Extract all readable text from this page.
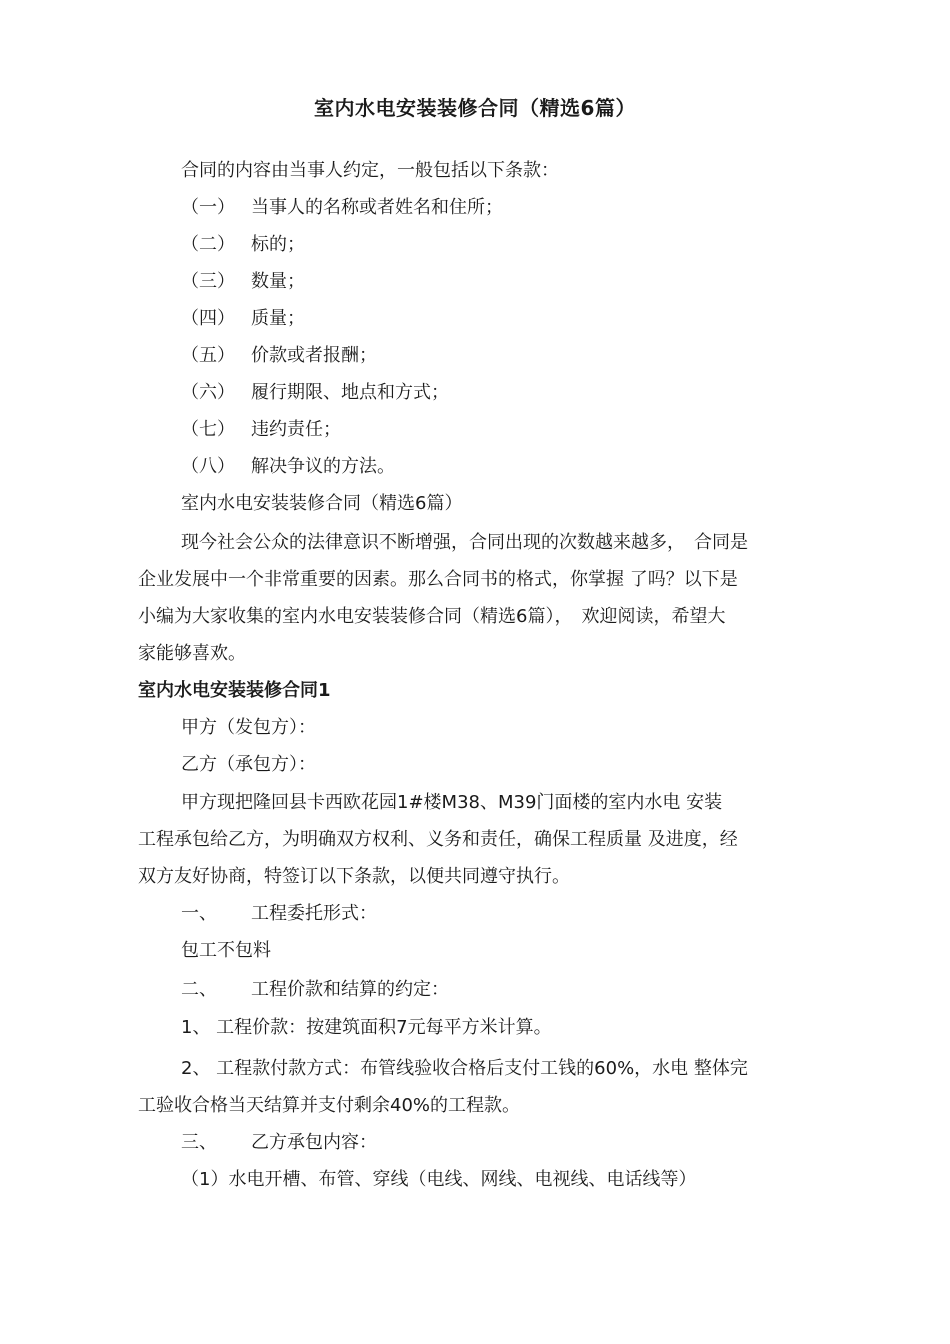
室内水电安装装修合同（精选6篇）
合同的内容由当事人约定，一般包括以下条款：
（一） 当事人的名称或者姓名和住所；
（二） 标的；
（三） 数量；
（四） 质量；
（五） 价款或者报酬；
（六） 履行期限、地点和方式；
（七） 违约责任；
（八） 解决争议的方法。
室内水电安装装修合同（精选6篇）
现今社会公众的法律意识不断增强，合同出现的次数越来越多，　合同是
企业发展中一个非常重要的因素。那么合同书的格式，你掌握 了吗？以下是
小编为大家收集的室内水电安装装修合同（精选6篇），　欢迎阅读，希望大
家能够喜欢。
室内水电安装装修合同1
甲方（发包方）：
乙方（承包方）：
甲方现把隆回县卡西欧花园1#楼M38、M39门面楼的室内水电 安装
工程承包给乙方，为明确双方权利、义务和责任，确保工程质量 及进度，经
双方友好协商，特签订以下条款，以便共同遵守执行。
一、 工程委托形式：
包工不包料
二、 工程价款和结算的约定：
1、 工程价款：按建筑面积7元每平方米计算。
2、 工程款付款方式：布管线验收合格后支付工钱的60%，水电 整体完
工验收合格当天结算并支付剩余40%的工程款。
三、 乙方承包内容：
（1）水电开槽、布管、穿线（电线、网线、电视线、电话线等）
